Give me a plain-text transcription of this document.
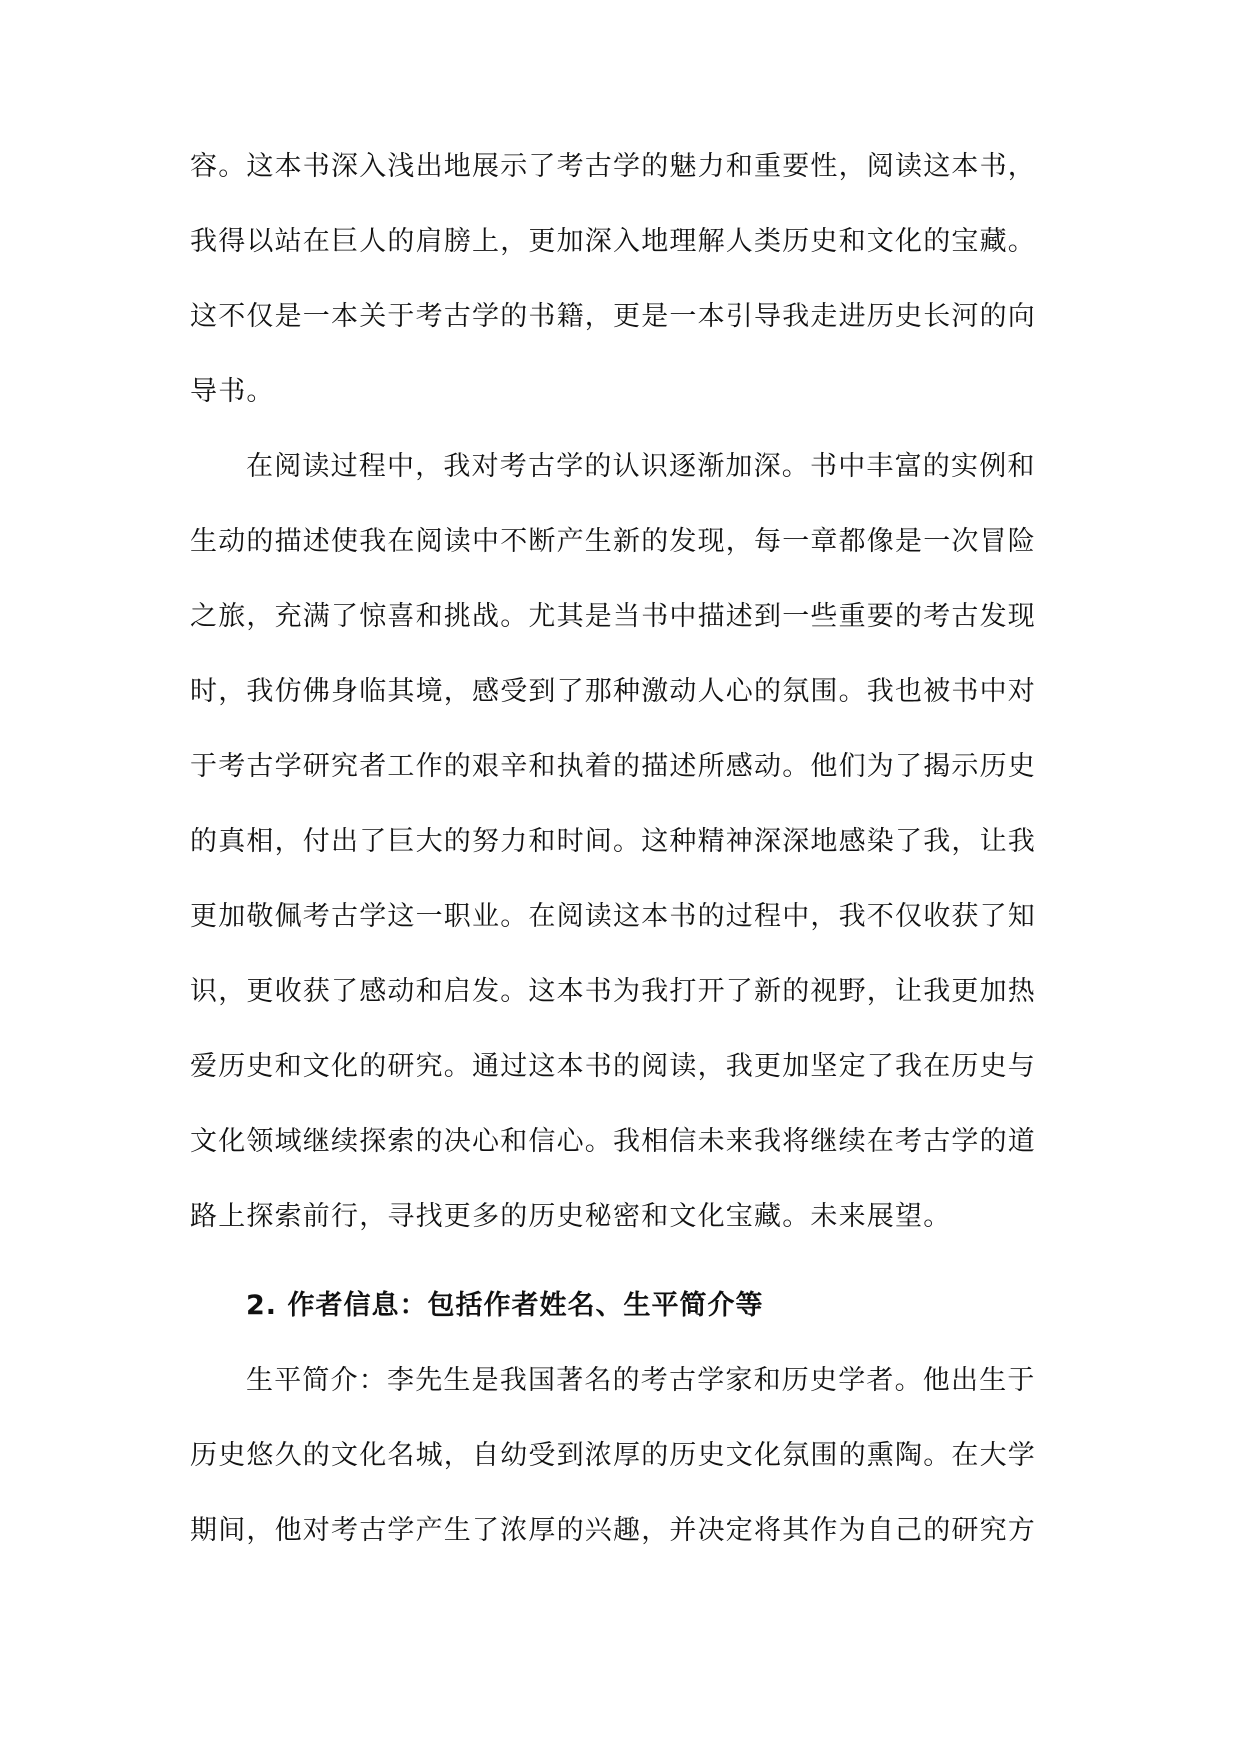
容。这本书深入浅出地展示了考古学的魅力和重要性，阅读这本书，
我得以站在巨人的肩膀上，更加深入地理解人类历史和文化的宝藏。
这不仅是一本关于考古学的书籍，更是一本引导我走进历史长河的向
导书。
在阅读过程中，我对考古学的认识逐渐加深。书中丰富的实例和
生动的描述使我在阅读中不断产生新的发现，每一章都像是一次冒险
之旅，充满了惊喜和挑战。尤其是当书中描述到一些重要的考古发现
时，我仿佛身临其境，感受到了那种激动人心的氛围。我也被书中对
于考古学研究者工作的艰辛和执着的描述所感动。他们为了揭示历史
的真相，付出了巨大的努力和时间。这种精神深深地感染了我，让我
更加敬佩考古学这一职业。在阅读这本书的过程中，我不仅收获了知
识，更收获了感动和启发。这本书为我打开了新的视野，让我更加热
爱历史和文化的研究。通过这本书的阅读，我更加坚定了我在历史与
文化领域继续探索的决心和信心。我相信未来我将继续在考古学的道
路上探索前行，寻找更多的历史秘密和文化宝藏。未来展望。
2. 作者信息：包括作者姓名、生平简介等
生平简介：李先生是我国著名的考古学家和历史学者。他出生于
历史悠久的文化名城，自幼受到浓厚的历史文化氛围的熏陶。在大学
期间，他对考古学产生了浓厚的兴趣，并决定将其作为自己的研究方
